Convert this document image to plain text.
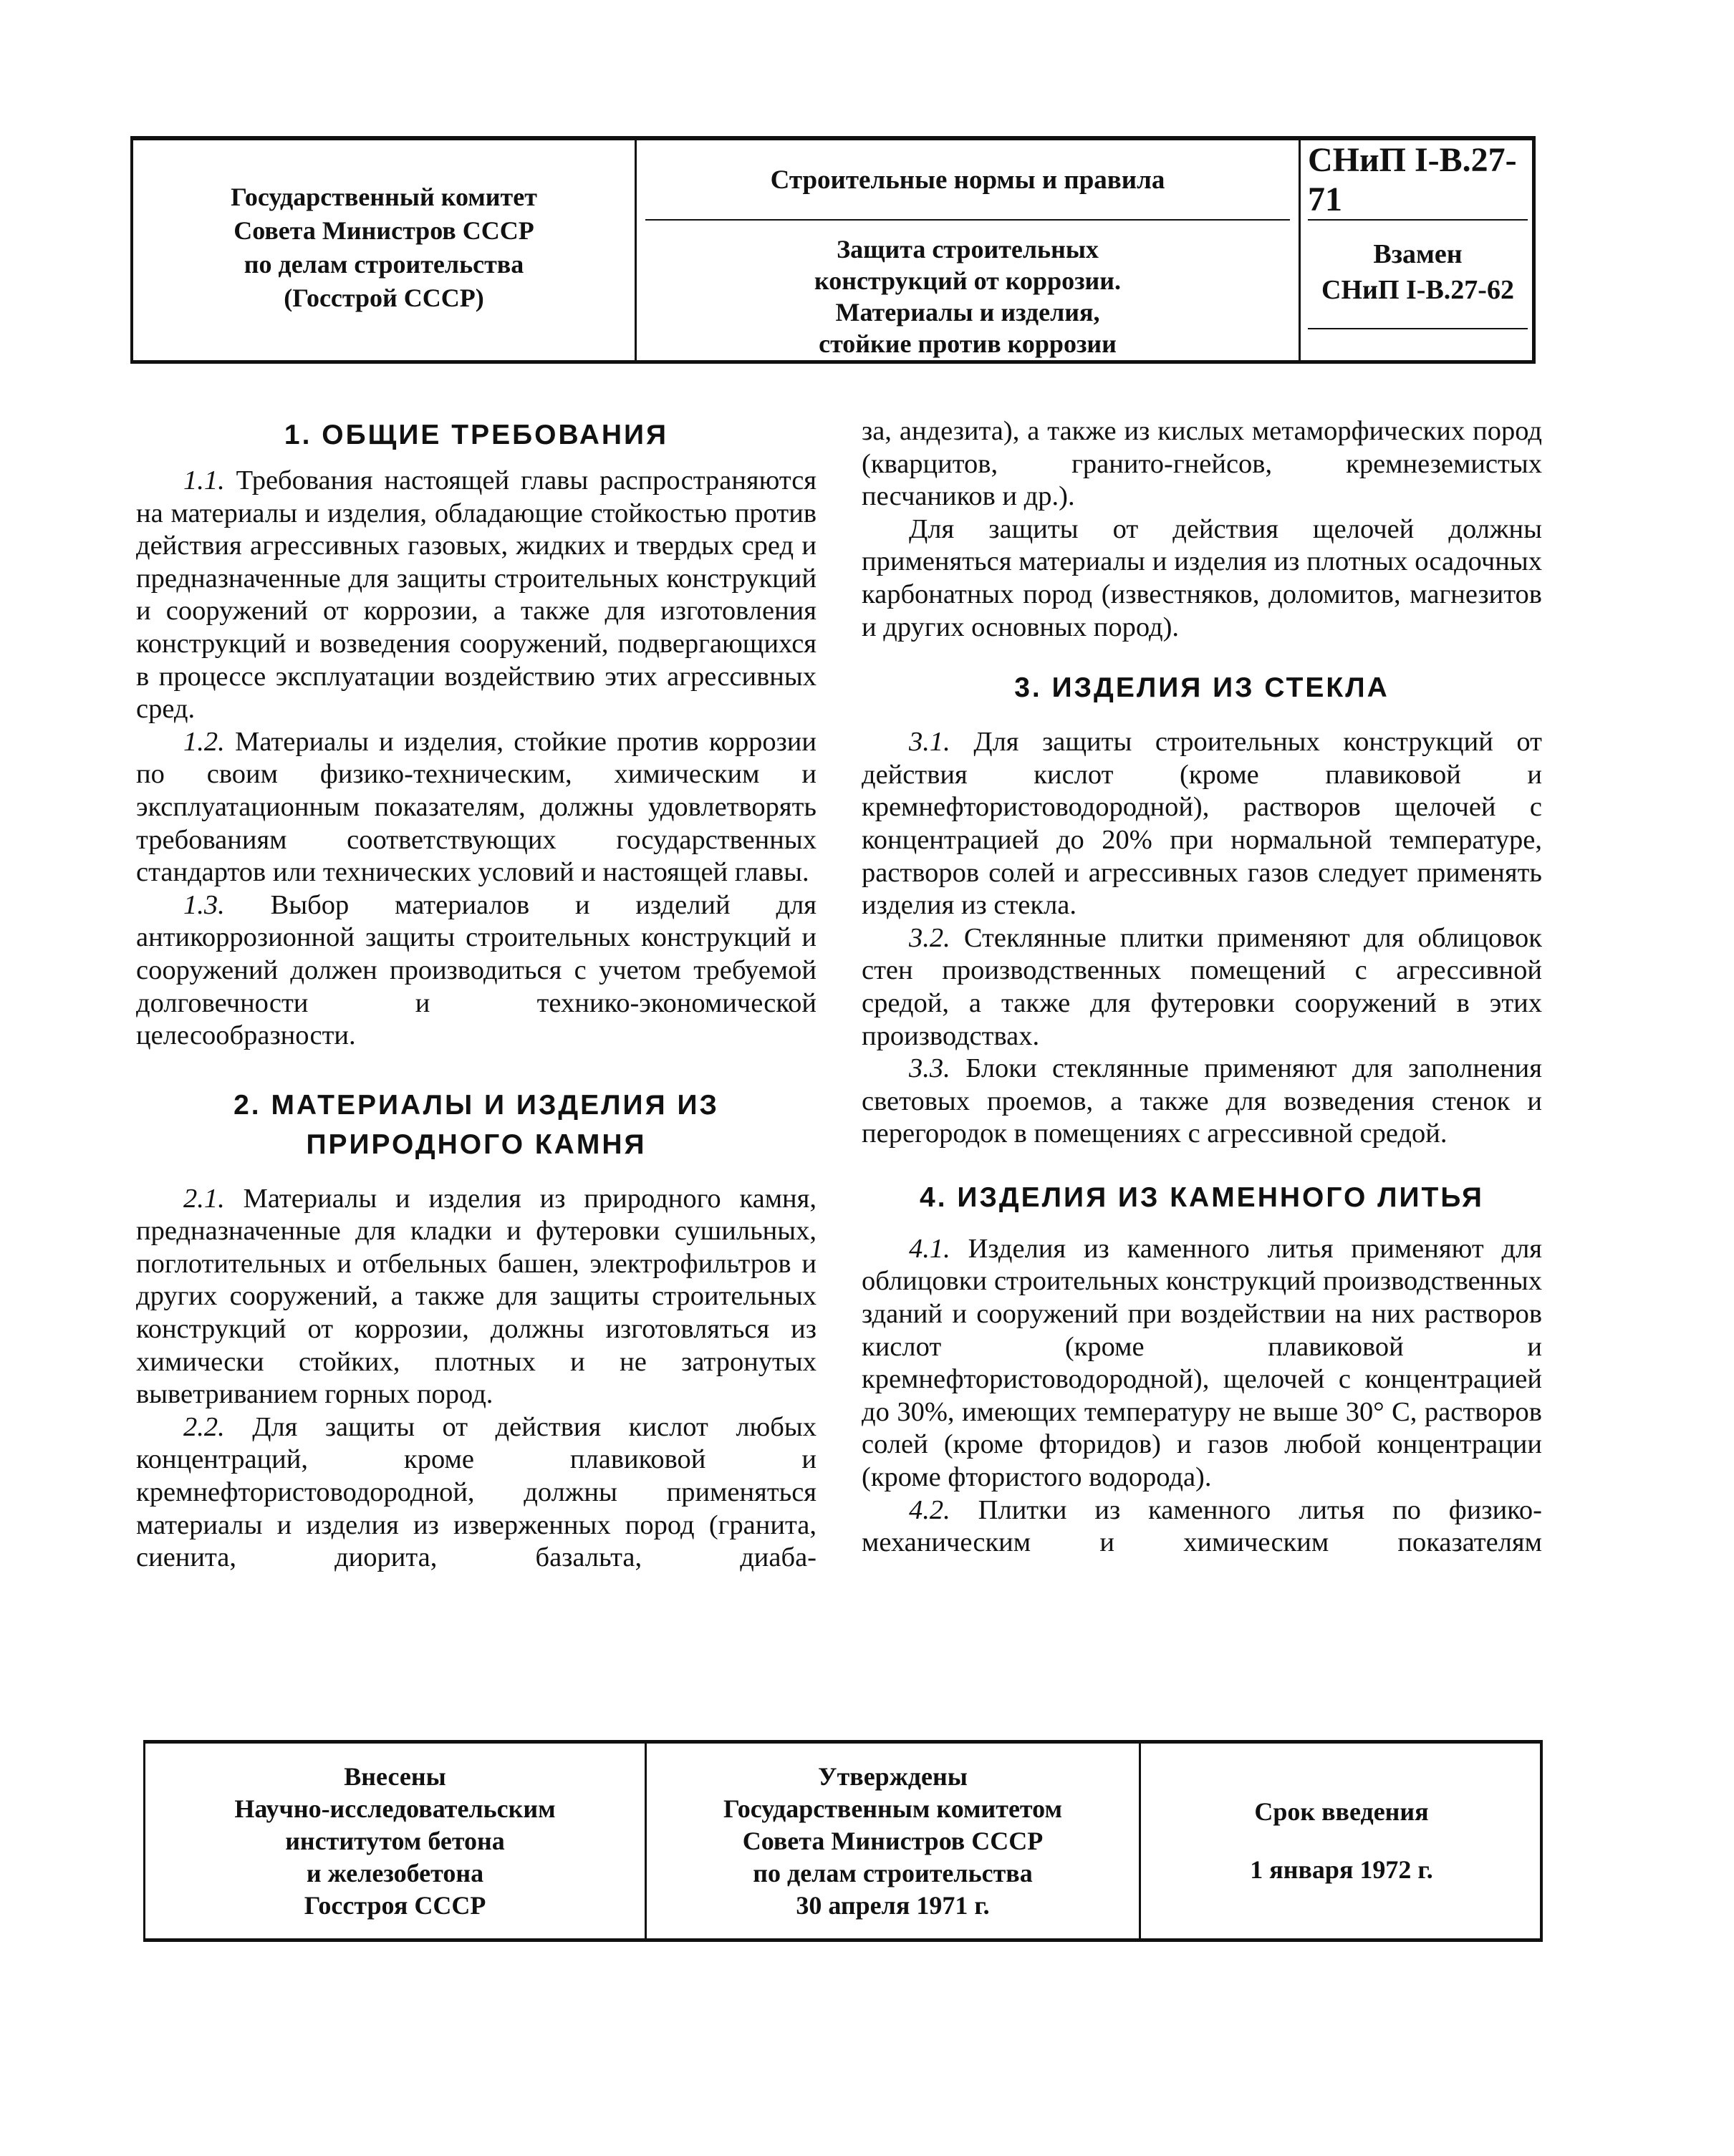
Государственный комитет
Совета Министров СССР
по делам строительства
(Госстрой СССР)
Строительные нормы и правила
Защита строительных
конструкций от коррозии.
Материалы и изделия,
стойкие против коррозии
СНиП I-В.27-71
Взамен
СНиП I-В.27-62
1. ОБЩИЕ ТРЕБОВАНИЯ

1.1. Требования настоящей главы распространяются на материалы и изделия, обладающие стойкостью против действия агрессивных газовых, жидких и твердых сред и предназначенные для защиты строительных конструкций и сооружений от коррозии, а также для изготовления конструкций и возведения сооружений, подвергающихся в процессе эксплуатации воздействию этих агрессивных сред.

1.2. Материалы и изделия, стойкие против коррозии по своим физико-техническим, химическим и эксплуатационным показателям, должны удовлетворять требованиям соответствующих государственных стандартов или технических условий и настоящей главы.

1.3. Выбор материалов и изделий для антикоррозионной защиты строительных конструкций и сооружений должен производиться с учетом требуемой долговечности и технико-экономической целесообразности.

2. МАТЕРИАЛЫ И ИЗДЕЛИЯ ИЗ
ПРИРОДНОГО КАМНЯ

2.1. Материалы и изделия из природного камня, предназначенные для кладки и футеровки сушильных, поглотительных и отбельных башен, электрофильтров и других сооружений, а также для защиты строительных конструкций от коррозии, должны изготовляться из химически стойких, плотных и не затронутых выветриванием горных пород.

2.2. Для защиты от действия кислот любых концентраций, кроме плавиковой и кремнефтористоводородной, должны применяться материалы и изделия из изверженных пород (гранита, сиенита, диорита, базальта, диаба-

за, андезита), а также из кислых метаморфических пород (кварцитов, гранито-гнейсов, кремнеземистых песчаников и др.).

Для защиты от действия щелочей должны применяться материалы и изделия из плотных осадочных карбонатных пород (известняков, доломитов, магнезитов и других основных пород).

3. ИЗДЕЛИЯ ИЗ СТЕКЛА

3.1. Для защиты строительных конструкций от действия кислот (кроме плавиковой и кремнефтористоводородной), растворов щелочей с концентрацией до 20% при нормальной температуре, растворов солей и агрессивных газов следует применять изделия из стекла.

3.2. Стеклянные плитки применяют для облицовок стен производственных помещений с агрессивной средой, а также для футеровки сооружений в этих производствах.

3.3. Блоки стеклянные применяют для заполнения световых проемов, а также для возведения стенок и перегородок в помещениях с агрессивной средой.

4. ИЗДЕЛИЯ ИЗ КАМЕННОГО ЛИТЬЯ

4.1. Изделия из каменного литья применяют для облицовки строительных конструкций производственных зданий и сооружений при воздействии на них растворов кислот (кроме плавиковой и кремнефтористоводородной), щелочей с концентрацией до 30%, имеющих температуру не выше 30° С, растворов солей (кроме фторидов) и газов любой концентрации (кроме фтористого водорода).

4.2. Плитки из каменного литья по физико-механическим и химическим показателям

Внесены
Научно-исследовательским
институтом бетона
и железобетона
Госстроя СССР
Утверждены
Государственным комитетом
Совета Министров СССР
по делам строительства
30 апреля 1971 г.
Срок введения
1 января 1972 г.
